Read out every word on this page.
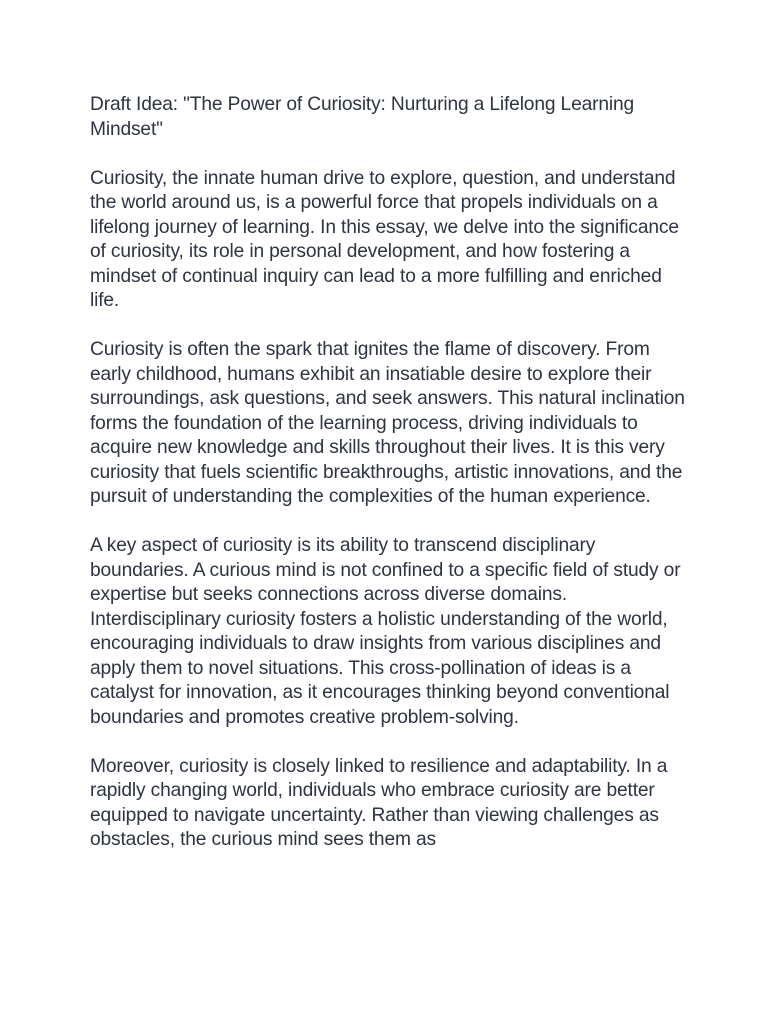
Draft Idea: "The Power of Curiosity: Nurturing a Lifelong Learning Mindset"

Curiosity, the innate human drive to explore, question, and understand the world around us, is a powerful force that propels individuals on a lifelong journey of learning. In this essay, we delve into the significance of curiosity, its role in personal development, and how fostering a mindset of continual inquiry can lead to a more fulfilling and enriched life.

Curiosity is often the spark that ignites the flame of discovery. From early childhood, humans exhibit an insatiable desire to explore their surroundings, ask questions, and seek answers. This natural inclination forms the foundation of the learning process, driving individuals to acquire new knowledge and skills throughout their lives. It is this very curiosity that fuels scientific breakthroughs, artistic innovations, and the pursuit of understanding the complexities of the human experience.

A key aspect of curiosity is its ability to transcend disciplinary boundaries. A curious mind is not confined to a specific field of study or expertise but seeks connections across diverse domains. Interdisciplinary curiosity fosters a holistic understanding of the world, encouraging individuals to draw insights from various disciplines and apply them to novel situations. This cross-pollination of ideas is a catalyst for innovation, as it encourages thinking beyond conventional boundaries and promotes creative problem-solving.

Moreover, curiosity is closely linked to resilience and adaptability. In a rapidly changing world, individuals who embrace curiosity are better equipped to navigate uncertainty. Rather than viewing challenges as obstacles, the curious mind sees them as
